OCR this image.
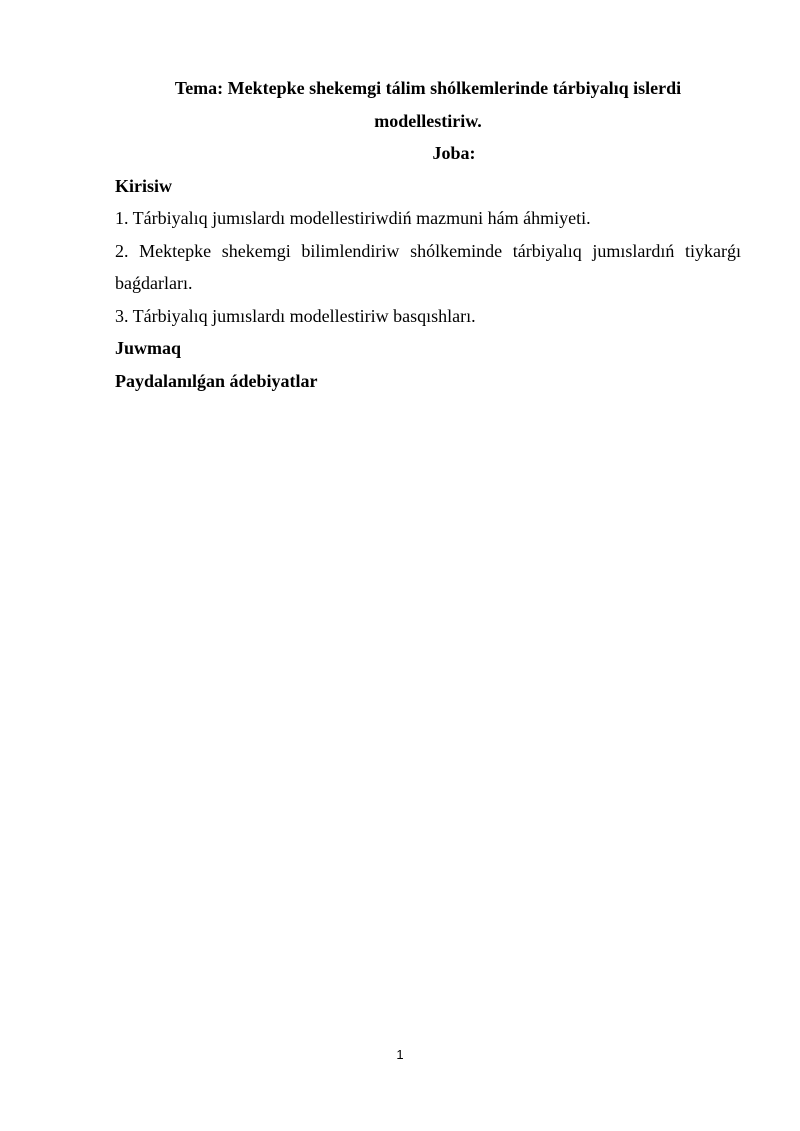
Tema: Mektepke shekemgi tálim shólkemlerinde tárbiyalıq islerdi
modellestiriw.

Joba:

Kirisiw

1. Tárbiyalıq jumıslardı modellestiriwdiń mazmuni hám áhmiyeti.

2. Mektepke shekemgi bilimlendiriw shólkeminde tárbiyalıq jumıslardıń tiykarǵı baǵdarları.

3. Tárbiyalıq jumıslardı modellestiriw basqıshları.

Juwmaq

Paydalanılǵan ádebiyatlar

1
